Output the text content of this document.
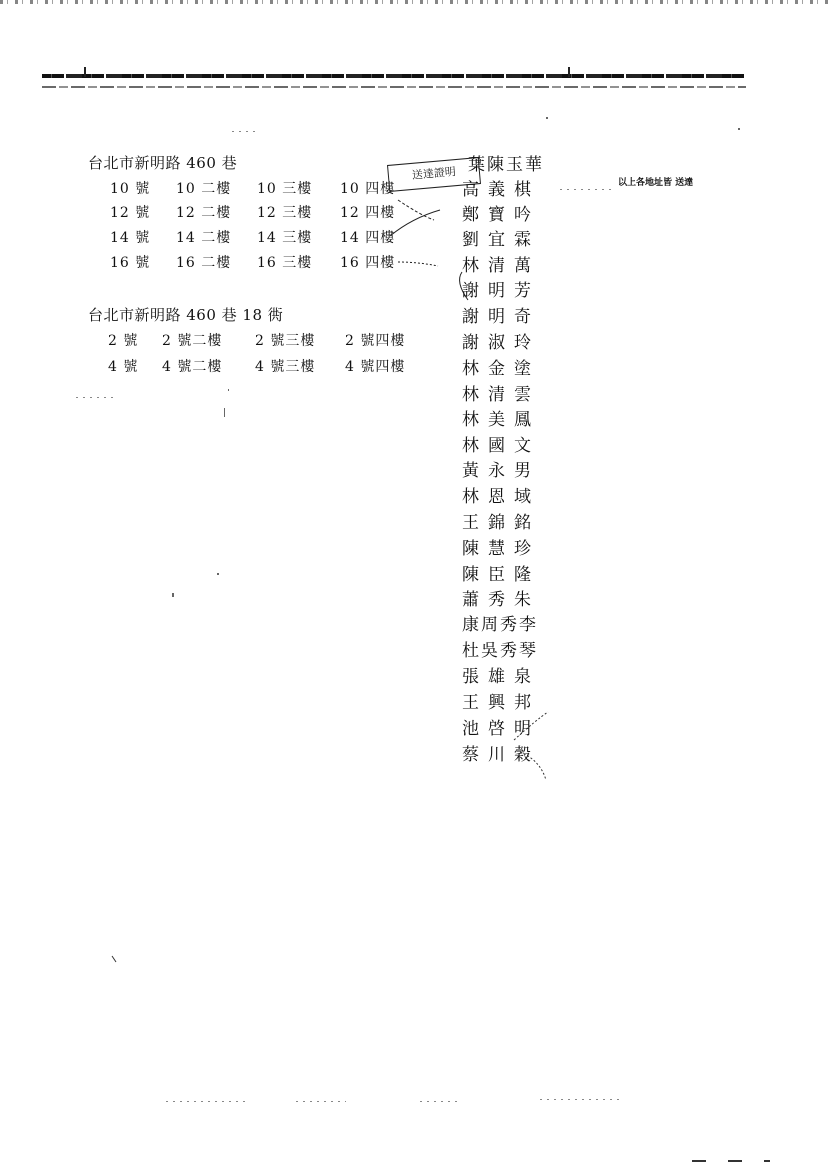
台北市新明路 460 巷
10 號 10 二樓 10 三樓 10 四樓
12 號 12 二樓 12 三樓 12 四樓
14 號 14 二樓 14 三樓 14 四樓
16 號 16 二樓 16 三樓 16 四樓
台北市新明路 460 巷 18 衖
2 號 2 號二樓 2 號三樓 2 號四樓
4 號 4 號二樓 4 號三樓 4 號四樓
送達證明
以上各地址皆 送達
葉陳玉華
高義棋
鄭寶吟
劉宜霖
林清萬
謝明芳
謝明奇
謝淑玲
林金塗
林清雲
林美鳳
林國文
黃永男
林恩域
王錦銘
陳慧珍
陳臣隆
蕭秀朱
康周秀李
杜吳秀琴
張雄泉
王興邦
池啓明
蔡川穀
